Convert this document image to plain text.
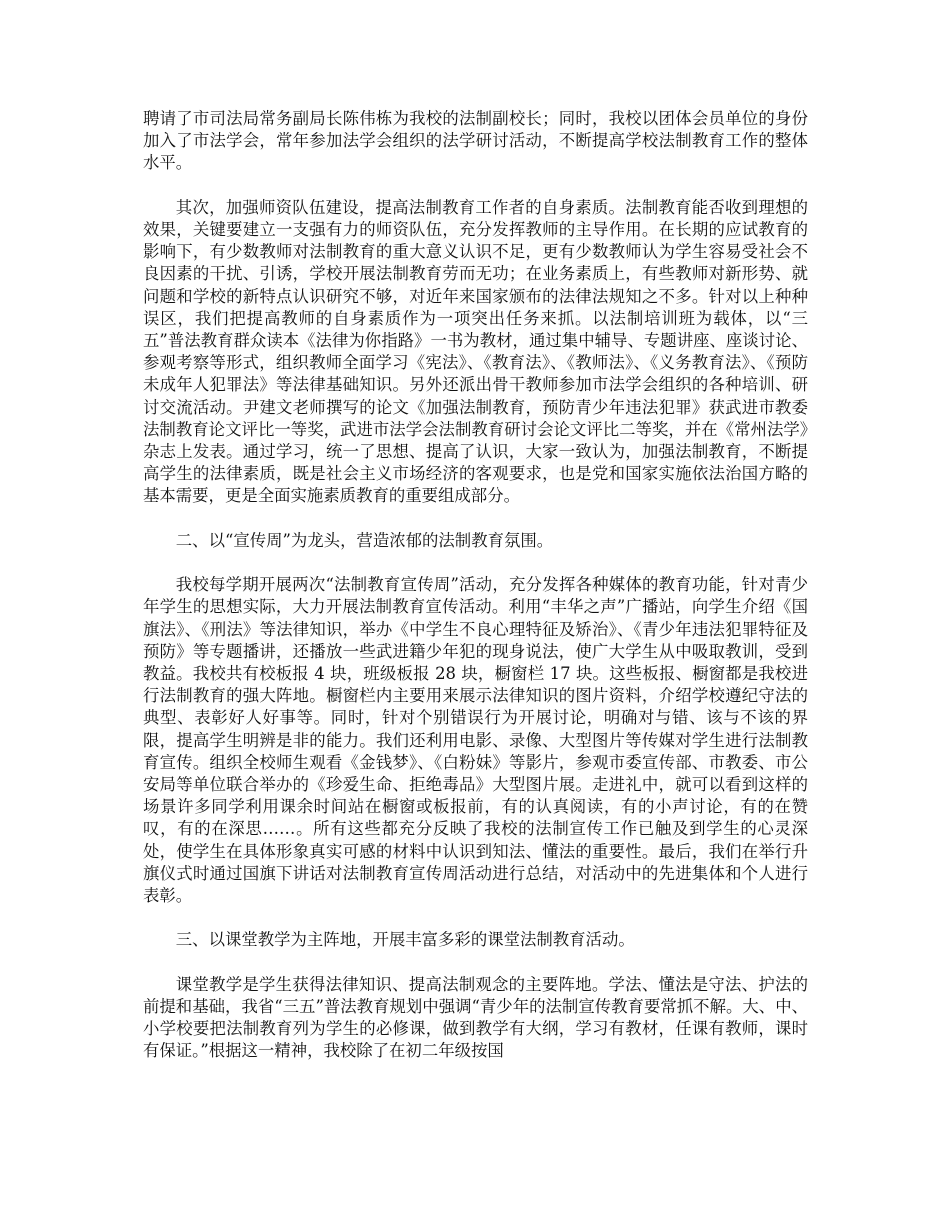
聘请了市司法局常务副局长陈伟栋为我校的法制副校长；同时，我校以团体会员单位的身份加入了市法学会，常年参加法学会组织的法学研讨活动，不断提高学校法制教育工作的整体水平。

其次，加强师资队伍建设，提高法制教育工作者的自身素质。法制教育能否收到理想的效果，关键要建立一支强有力的师资队伍，充分发挥教师的主导作用。在长期的应试教育的影响下，有少数教师对法制教育的重大意义认识不足，更有少数教师认为学生容易受社会不良因素的干扰、引诱，学校开展法制教育劳而无功；在业务素质上，有些教师对新形势、就问题和学校的新特点认识研究不够，对近年来国家颁布的法律法规知之不多。针对以上种种误区，我们把提高教师的自身素质作为一项突出任务来抓。以法制培训班为载体，以“三五”普法教育群众读本《法律为你指路》一书为教材，通过集中辅导、专题讲座、座谈讨论、参观考察等形式，组织教师全面学习《宪法》、《教育法》、《教师法》、《义务教育法》、《预防未成年人犯罪法》等法律基础知识。另外还派出骨干教师参加市法学会组织的各种培训、研讨交流活动。尹建文老师撰写的论文《加强法制教育，预防青少年违法犯罪》获武进市教委法制教育论文评比一等奖，武进市法学会法制教育研讨会论文评比二等奖，并在《常州法学》杂志上发表。通过学习，统一了思想、提高了认识，大家一致认为，加强法制教育，不断提高学生的法律素质，既是社会主义市场经济的客观要求，也是党和国家实施依法治国方略的基本需要，更是全面实施素质教育的重要组成部分。

二、以“宣传周”为龙头，营造浓郁的法制教育氛围。

我校每学期开展两次“法制教育宣传周”活动，充分发挥各种媒体的教育功能，针对青少年学生的思想实际，大力开展法制教育宣传活动。利用“丰华之声”广播站，向学生介绍《国旗法》、《刑法》等法律知识，举办《中学生不良心理特征及矫治》、《青少年违法犯罪特征及预防》等专题播讲，还播放一些武进籍少年犯的现身说法，使广大学生从中吸取教训，受到教益。我校共有校板报 4 块，班级板报 28 块，橱窗栏 17 块。这些板报、橱窗都是我校进行法制教育的强大阵地。橱窗栏内主要用来展示法律知识的图片资料，介绍学校遵纪守法的典型、表彰好人好事等。同时，针对个别错误行为开展讨论，明确对与错、该与不该的界限，提高学生明辨是非的能力。我们还利用电影、录像、大型图片等传媒对学生进行法制教育宣传。组织全校师生观看《金钱梦》、《白粉妹》等影片，参观市委宣传部、市教委、市公安局等单位联合举办的《珍爱生命、拒绝毒品》大型图片展。走进礼中，就可以看到这样的场景许多同学利用课余时间站在橱窗或板报前，有的认真阅读，有的小声讨论，有的在赞叹，有的在深思……。所有这些都充分反映了我校的法制宣传工作已触及到学生的心灵深处，使学生在具体形象真实可感的材料中认识到知法、懂法的重要性。最后，我们在举行升旗仪式时通过国旗下讲话对法制教育宣传周活动进行总结，对活动中的先进集体和个人进行表彰。

三、以课堂教学为主阵地，开展丰富多彩的课堂法制教育活动。

课堂教学是学生获得法律知识、提高法制观念的主要阵地。学法、懂法是守法、护法的前提和基础，我省“三五”普法教育规划中强调“青少年的法制宣传教育要常抓不解。大、中、小学校要把法制教育列为学生的必修课，做到教学有大纲，学习有教材，任课有教师，课时有保证。”根据这一精神，我校除了在初二年级按国
